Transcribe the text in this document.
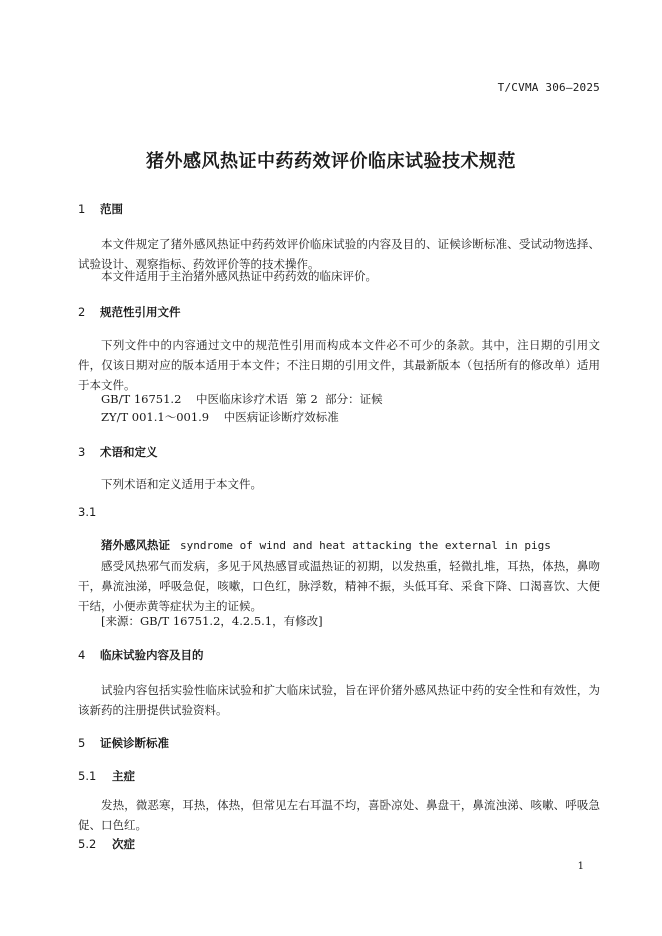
T/CVMA 306—2025
猪外感风热证中药药效评价临床试验技术规范
1 范围
本文件规定了猪外感风热证中药药效评价临床试验的内容及目的、证候诊断标准、受试动物选择、试验设计、观察指标、药效评价等的技术操作。
本文件适用于主治猪外感风热证中药药效的临床评价。
2 规范性引用文件
下列文件中的内容通过文中的规范性引用而构成本文件必不可少的条款。其中，注日期的引用文件，仅该日期对应的版本适用于本文件；不注日期的引用文件，其最新版本（包括所有的修改单）适用于本文件。
GB/T 16751.2    中医临床诊疗术语  第 2  部分：证候
ZY/T 001.1～001.9    中医病证诊断疗效标准
3 术语和定义
下列术语和定义适用于本文件。
3.1
猪外感风热证 syndrome of wind and heat attacking the external in pigs
感受风热邪气而发病，多见于风热感冒或温热证的初期，以发热重，轻微扎堆，耳热，体热，鼻吻干，鼻流浊涕，呼吸急促，咳嗽，口色红，脉浮数，精神不振，头低耳耷、采食下降、口渴喜饮、大便干结，小便赤黄等症状为主的证候。
[来源：GB/T 16751.2，4.2.5.1，有修改]
4 临床试验内容及目的
试验内容包括实验性临床试验和扩大临床试验，旨在评价猪外感风热证中药的安全性和有效性，为该新药的注册提供试验资料。
5 证候诊断标准
5.1 主症
发热，微恶寒，耳热，体热，但常见左右耳温不均，喜卧凉处、鼻盘干，鼻流浊涕、咳嗽、呼吸急促、口色红。
5.2 次症
1
